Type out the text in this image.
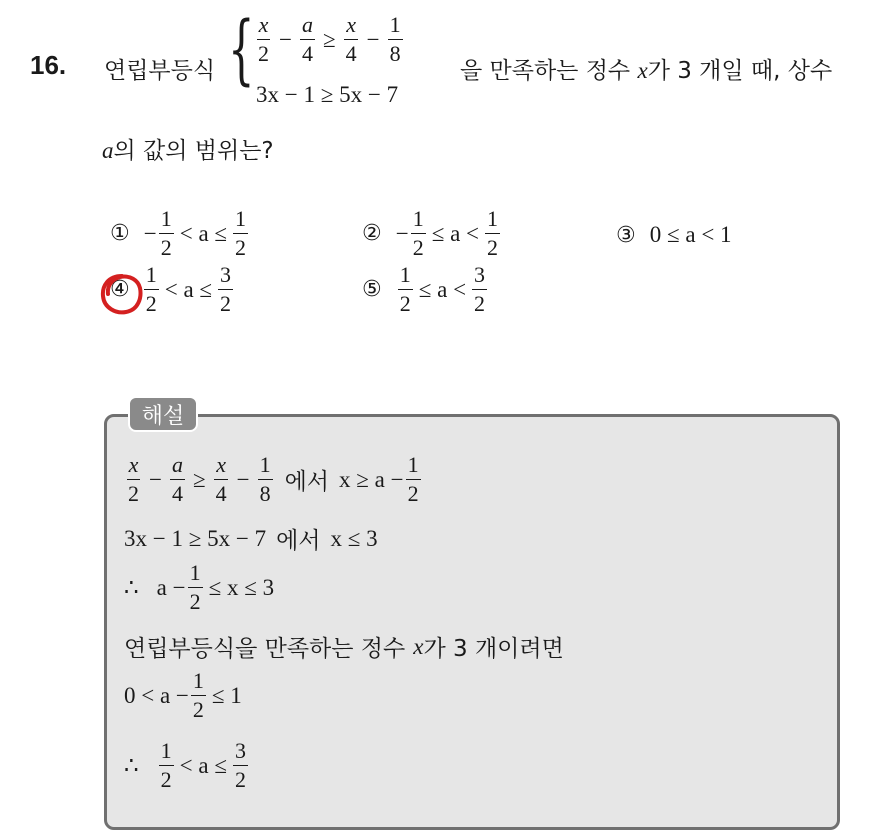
16. 연립부등식 { $\frac{x}{2} - \frac{a}{4} \ge \frac{x}{4} - \frac{1}{8}$
3x − 1 ≥ 5x − 7
을 만족하는 정수 x가 3 개일 때, 상수
a의 값의 범위는?
① − $\frac{1}{2} < a \le \frac{1}{2}$	② − $\frac{1}{2} \le a < \frac{1}{2}$	③ 0 ≤ a < 1
④ $\frac{1}{2} < a \le \frac{3}{2}$	⑤ $\frac{1}{2} \le a < \frac{3}{2}$
해설
$\frac{x}{2} - \frac{a}{4} \ge \frac{x}{4} - \frac{1}{8}$ 에서 $x \ge a - \frac{1}{2}$
3x − 1 ≥ 5x − 7 에서 x ≤ 3
∴ $a - \frac{1}{2} \le x \le 3$
연립부등식을 만족하는 정수 x 가 3 개이려면
$0 < a - \frac{1}{2} \le 1$
∴ $\frac{1}{2} < a \le \frac{3}{2}$
